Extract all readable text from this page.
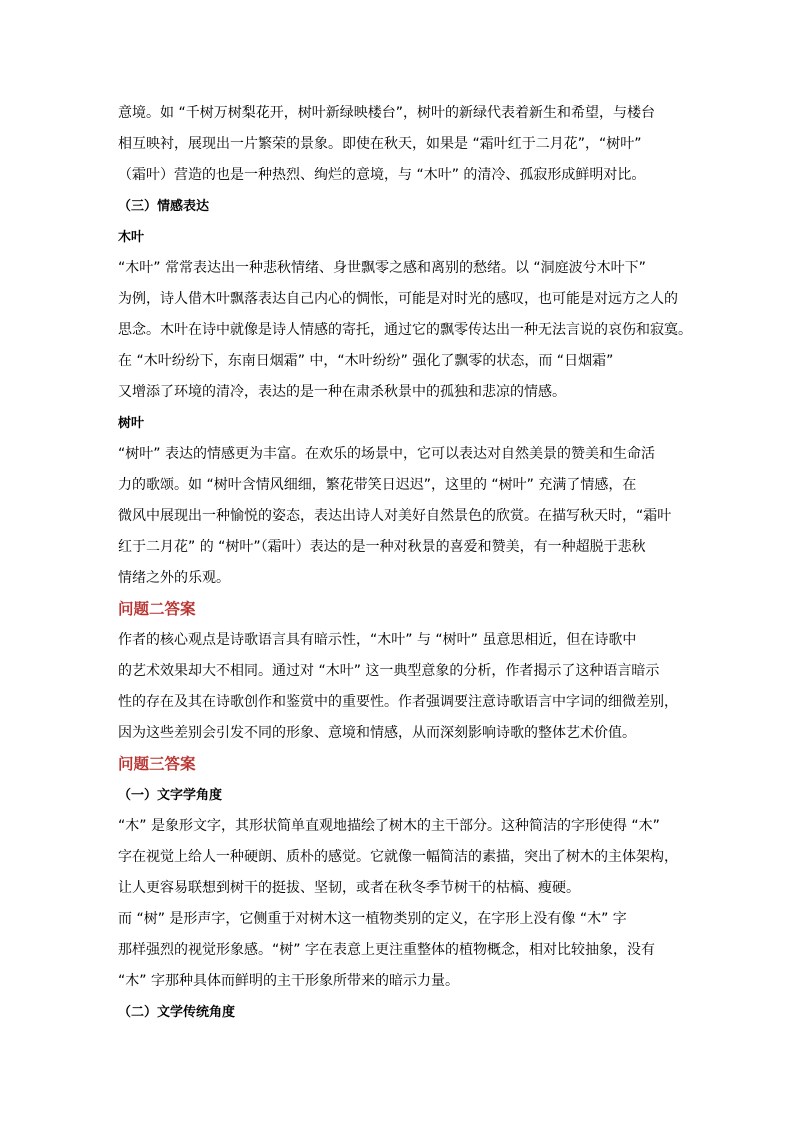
意境。如 “千树万树梨花开，树叶新绿映楼台”，树叶的新绿代表着新生和希望，与楼台
相互映衬，展现出一片繁荣的景象。即使在秋天，如果是 “霜叶红于二月花”，“树叶”
（霜叶）营造的也是一种热烈、绚烂的意境，与 “木叶” 的清冷、孤寂形成鲜明对比。
（三）情感表达
木叶
“木叶” 常常表达出一种悲秋情绪、身世飘零之感和离别的愁绪。以 “洞庭波兮木叶下”
为例，诗人借木叶飘落表达自己内心的惆怅，可能是对时光的感叹，也可能是对远方之人的
思念。木叶在诗中就像是诗人情感的寄托，通过它的飘零传达出一种无法言说的哀伤和寂寞。
在 “木叶纷纷下，东南日烟霜” 中，“木叶纷纷” 强化了飘零的状态，而 “日烟霜”
又增添了环境的清冷，表达的是一种在肃杀秋景中的孤独和悲凉的情感。
树叶
“树叶” 表达的情感更为丰富。在欢乐的场景中，它可以表达对自然美景的赞美和生命活
力的歌颂。如 “树叶含情风细细，繁花带笑日迟迟”，这里的 “树叶” 充满了情感，在
微风中展现出一种愉悦的姿态，表达出诗人对美好自然景色的欣赏。在描写秋天时，“霜叶
红于二月花” 的 “树叶”（霜叶）表达的是一种对秋景的喜爱和赞美，有一种超脱于悲秋
情绪之外的乐观。
问题二答案
作者的核心观点是诗歌语言具有暗示性，“木叶” 与 “树叶” 虽意思相近，但在诗歌中
的艺术效果却大不相同。通过对 “木叶” 这一典型意象的分析，作者揭示了这种语言暗示
性的存在及其在诗歌创作和鉴赏中的重要性。作者强调要注意诗歌语言中字词的细微差别，
因为这些差别会引发不同的形象、意境和情感，从而深刻影响诗歌的整体艺术价值。
问题三答案
（一）文字学角度
“木” 是象形文字，其形状简单直观地描绘了树木的主干部分。这种简洁的字形使得 “木”
字在视觉上给人一种硬朗、质朴的感觉。它就像一幅简洁的素描，突出了树木的主体架构，
让人更容易联想到树干的挺拔、坚韧，或者在秋冬季节树干的枯槁、瘦硬。
而 “树” 是形声字，它侧重于对树木这一植物类别的定义，在字形上没有像 “木” 字
那样强烈的视觉形象感。“树” 字在表意上更注重整体的植物概念，相对比较抽象，没有
“木” 字那种具体而鲜明的主干形象所带来的暗示力量。
（二）文学传统角度
